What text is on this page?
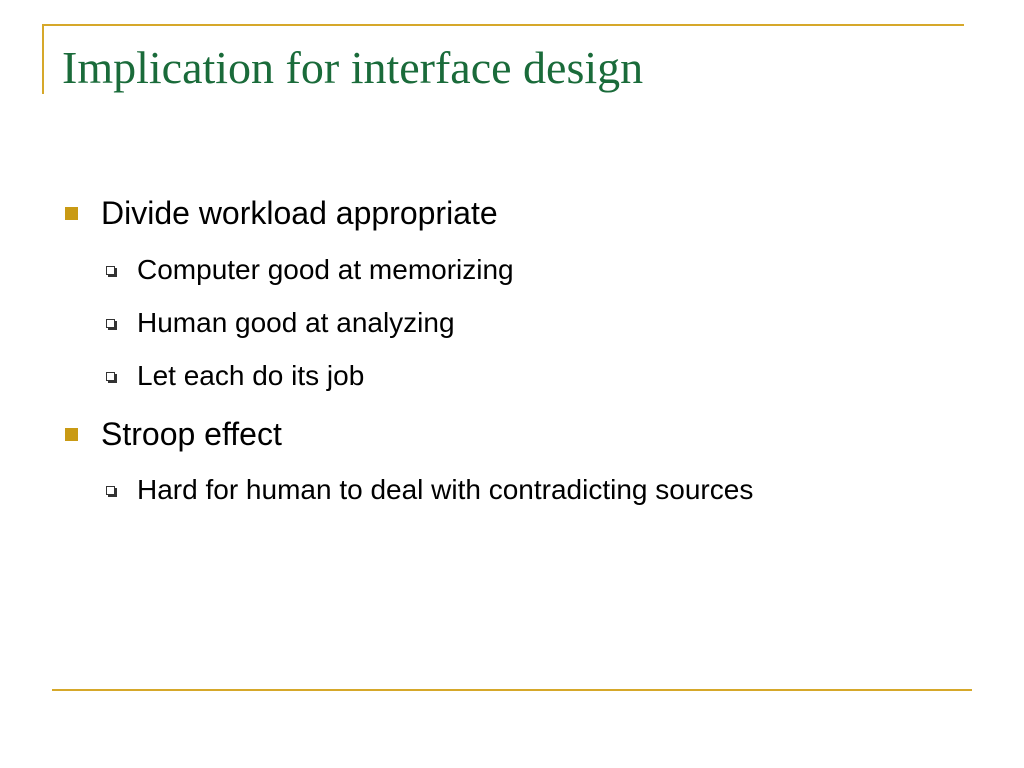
Implication for interface design
Divide workload appropriate
Computer good at memorizing
Human good at analyzing
Let each do its job
Stroop effect
Hard for human to deal with contradicting sources
